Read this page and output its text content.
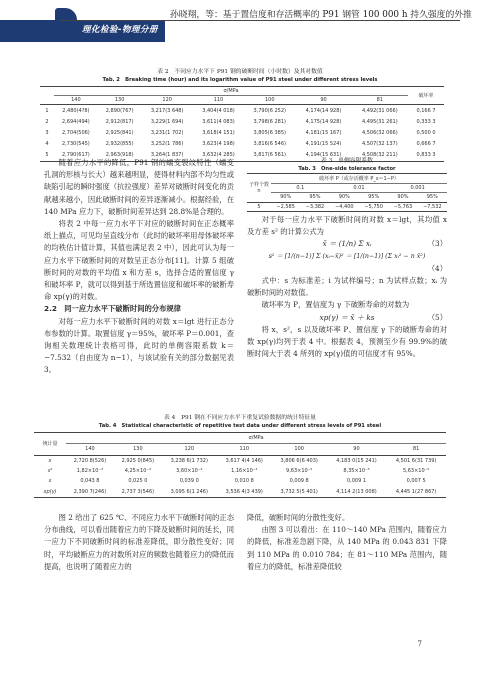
理化检验-物理分册
孙晓翔，等：基于置信度和存活概率的 P91 钢管 100 000 h 持久强度的外推
表 2　不同应力水平下 P91 钢的破断时间（小时数）及其对数值
Tab. 2　Breaking time (hour) and its logarithm value of P91 steel under different stress levels
	σ/MPa							破坏率
	140	130	120	110	100	90	81	
1	2,480(4?8)	2,890(767)	3,217(3 648)	3,404(4 018)	3,790(6 252)	4,174(14 928)	4,492(31 066)	0,166 7
2	2,694(494)	2,912(817)	3,229(1 694)	3,611(4 083)	3,798(6 281)	4,175(14 928)	4,495(31 261)	0,333 3
3	2,704(506)	2,925(841)	3,231(1 702)	3,618(4 151)	3,805(6 385)	4,181(15 167)	4,506(32 066)	0,500 0
4	2,730(545)	2,932(855)	3,252(1 786)	3,623(4 198)	3,816(6 546)	4,191(15 524)	4,507(32 137)	0,666 7
5	2,790(617)	2,963(918)	3,264(1 837)	3,632(4 285)	3,817(6 561)	4,194(15 631)	4,508(32 211)	0,833 3

随着应力水平的降低，P91 钢的蠕变裂纹特性（蠕变孔洞的形核与长大）越来越明显，使得材料内部不均匀性或缺陷引起的瞬时强度（抗拉强度）差异对破断时间变化的贡献越来越小，因此破断时间的差异逐渐减小。根据经验，在 140 MPa 应力下，破断时间差异达到 28.8%是合理的。

将表 2 中每一应力水平下对应的破断时间在正态概率纸上描点，可见均呈直线分布（此时的破坏率用母体破坏率的均秩估计值计算，其值也满足表 2 中），因此可认为每一应力水平下破断时间的对数呈正态分布[11]。计算 5 组破断时间的对数的平均值 x 和方差 s，选择合适的置信度 γ 和破坏率 P，就可以得到基于所选置信度和破坏率的破断寿命 xp(γ)的对数。

2.2　同一应力水平下破断时间的分布规律

对每一应力水平下破断时间的对数 x＝lgt 进行正态分布参数的计算。取置信度 γ＝95%，破坏率 P＝0.001，查询相关数理统计表格可得，此时的单侧容限系数 k＝−7.532（自由度为 n−1），与该试验有关的部分数据见表 3。

表 3　单侧容限系数
Tab. 3　One-side tolerance factor
子样个数 n	破坏率 P（或存活概率 P_s＝1−P）					
	0.1		0.01		0.001	
	90%	95%	90%	95%	90%	95%
5	−2,585	−3,382	−4,400	−5,750	−5,763	−7,532

对于每一应力水平下破断时间的对数 x＝lgt，其均值 x 及方差 s² 的计算公式为

x̄ ＝ (1/n) Σ xᵢ	（3）

s² ＝ [1/(n−1)] Σ (xᵢ−x̄)² ＝ [1/(n−1)] (Σ xᵢ² − n x̄²)

（4）

式中：s 为标准差；i 为试样编号；n 为试样点数；xᵢ 为破断时间的对数值。

破坏率为 P，置信度为 γ 下破断寿命的对数为

xp(γ) ＝ x̄ ＋ ks	（5）

将 x，s²，s 以及破坏率 P、置信度 γ 下的破断寿命的对数 xp(γ)均列于表 4 中。根据表 4，预测至少有 99.9%的破断时间大于表 4 所列的 xp(γ)值的可信度才有 95%。

表 4　P91 钢在不同应力水平下重复试验数据的统计特征量
Tab. 4　Statistical characteristic of repetitive test data under different stress levels of P91 steel
统计量	σ/MPa						
	140	130	120	110	100	90	81
x	2,720 8(526)	2,925 0(845)	3,238 6(1 732)	3,617 4(4 146)	3,806 6(6 403)	4,183 0(15 241)	4,501 6(31 739)
s²	1,82×10⁻³	4,25×10⁻⁴	3,60×10⁻⁴	1,16×10⁻⁴	9,63×10⁻⁵	8,35×10⁻⁵	5,63×10⁻⁵
s	0,043 8	0,025 0	0,039 0	0,010 8	0,009 8	0,009 1	0,007 5
xp(γ)	2,390 7(246)	2,737 3(546)	3,095 6(1 246)	3,536 4(3 439)	3,732 5(5 401)	4,114 2(13 008)	4,445 1(27 867)

图 2 给出了 625 ℃、不同应力水平下破断时间的正态分布曲线，可以看出随着应力的下降及破断时间的延长，同一应力下不同破断时间的标准差降低，即分散性变好；同时，平均破断应力的对数所对应的频数也随着应力的降低而提高，也说明了随着应力的

降低，破断时间的分散性变好。

由图 3 可以看出：在 110～140 MPa 范围内，随着应力的降低，标准差急剧下降，从 140 MPa 的 0.043 831 下降到 110 MPa 的 0.010 784；在 81～110 MPa 范围内，随着应力的降低，标准差降低较

7
